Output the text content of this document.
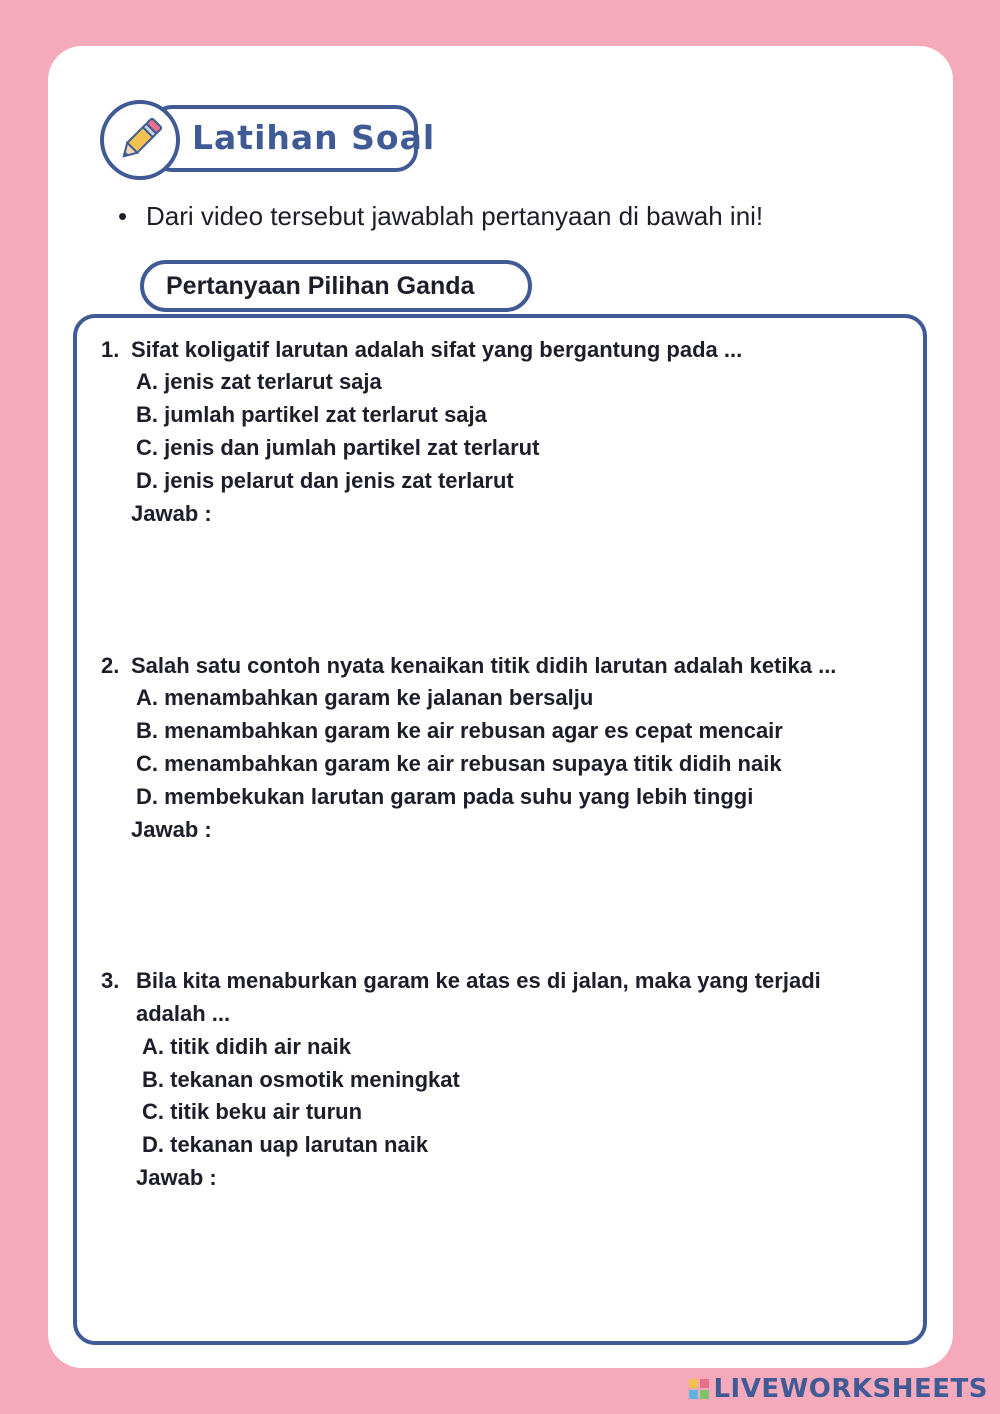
Latihan Soal
• Dari video tersebut jawablah pertanyaan di bawah ini!
Pertanyaan Pilihan Ganda
1. Sifat koligatif larutan adalah sifat yang bergantung pada ...
A. jenis zat terlarut saja
B. jumlah partikel zat terlarut saja
C. jenis dan jumlah partikel zat terlarut
D. jenis pelarut dan jenis zat terlarut
Jawab :
2. Salah satu contoh nyata kenaikan titik didih larutan adalah ketika ...
A. menambahkan garam ke jalanan bersalju
B. menambahkan garam ke air rebusan agar es cepat mencair
C. menambahkan garam ke air rebusan supaya titik didih naik
D. membekukan larutan garam pada suhu yang lebih tinggi
Jawab :
3. Bila kita menaburkan garam ke atas es di jalan, maka yang terjadi
adalah ...
A. titik didih air naik
B. tekanan osmotik meningkat
C. titik beku air turun
D. tekanan uap larutan naik
Jawab :
LIVEWORKSHEETS
